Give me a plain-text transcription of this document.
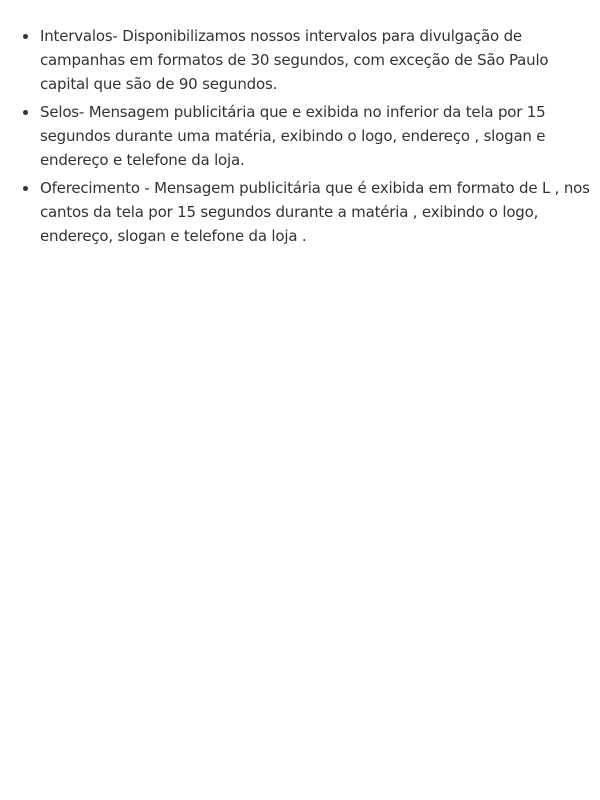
Intervalos- Disponibilizamos nossos intervalos para divulgação de campanhas em formatos de 30 segundos, com exceção de São Paulo capital que são de 90 segundos.
Selos- Mensagem publicitária que e exibida no inferior da tela por 15 segundos durante uma matéria, exibindo o logo, endereço , slogan e endereço e telefone da loja.
Oferecimento - Mensagem publicitária que é exibida em formato de L , nos cantos da tela por 15 segundos durante a matéria , exibindo o logo, endereço, slogan e telefone da loja .
